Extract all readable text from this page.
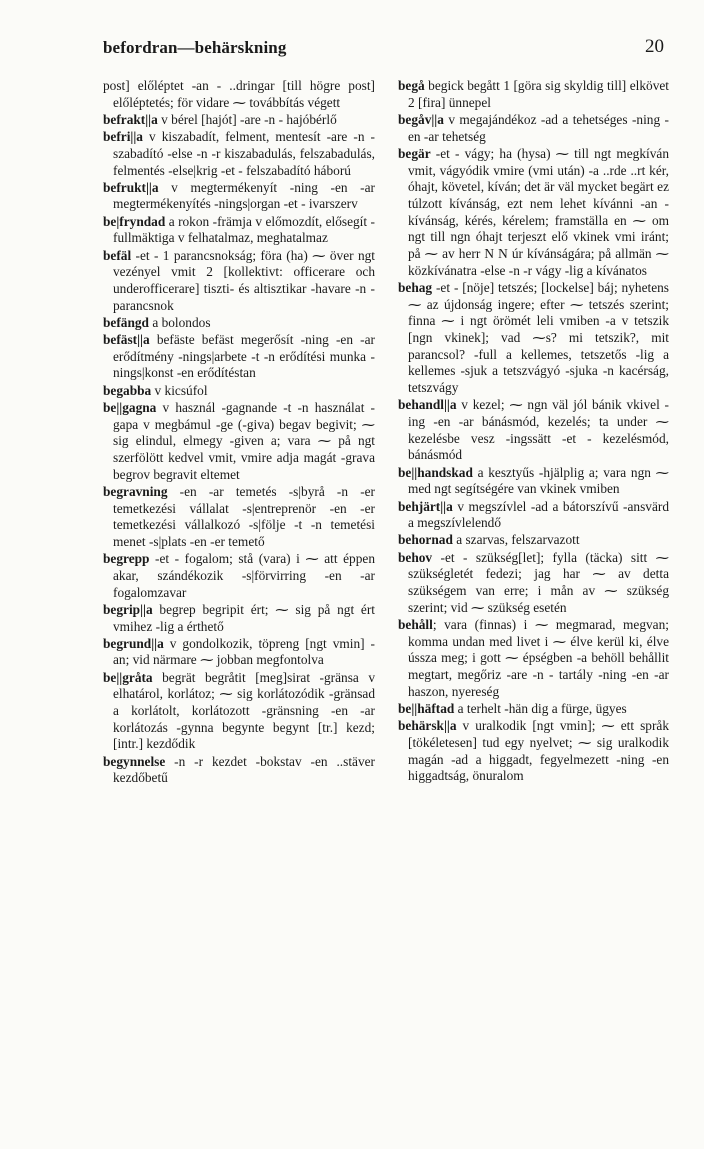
befordran—behärskning	20

post] előléptet -an - ..dringar [till högre post] előléptetés; för vidare ⁓ továbbítás végett

befrakt||a v bérel [hajót] -are -n - hajóbérlő

befri||a v kiszabadít, felment, mentesít -are -n - szabadító -else -n -r kiszabadulás, felszabadulás, felmentés -else|krig -et - felszabadító háború

befrukt||a v megtermékenyít -ning -en -ar megtermékenyítés -nings|organ -et - ivarszerv

be|fryndad a rokon -främja v előmozdít, elősegít -fullmäktiga v felhatalmaz, meghatalmaz

befäl -et - 1 parancsnokság; föra (ha) ⁓ över ngt vezényel vmit 2 [kollektivt: officerare och underofficerare] tiszti- és altisztikar -havare -n - parancsnok

befängd a bolondos

befäst||a befäste befäst megerősít -ning -en -ar erődítmény -nings|arbete -t -n erődítési munka -nings|konst -en erődítéstan

begabba v kicsúfol

be||gagna v használ -gagnande -t -n használat -gapa v megbámul -ge (-giva) begav begivit; ⁓ sig elindul, elmegy -given a; vara ⁓ på ngt szerfölött kedvel vmit, vmire adja magát -grava begrov begravit eltemet

begravning -en -ar temetés -s|byrå -n -er temetkezési vállalat -s|entreprenör -en -er temetkezési vállalkozó -s|följe -t -n temetési menet -s|plats -en -er temető

begrepp -et - fogalom; stå (vara) i ⁓ att éppen akar, szándékozik -s|förvirring -en -ar fogalomzavar

begrip||a begrep begripit ért; ⁓ sig på ngt ért vmihez -lig a érthető

begrund||a v gondolkozik, töpreng [ngt vmin] -an; vid närmare ⁓ jobban megfontolva

be||gråta begrät begråtit [meg]sirat -gränsa v elhatárol, korlátoz; ⁓ sig korlátozódik -gränsad a korlátolt, korlátozott -gränsning -en -ar korlátozás -gynna begynte begynt [tr.] kezd; [intr.] kezdődik

begynnelse -n -r kezdet -bokstav -en ..stäver kezdőbetű

begå begick begått 1 [göra sig skyldig till] elkövet 2 [fira] ünnepel

begåv||a v megajándékoz -ad a tehetséges -ning -en -ar tehetség

begär -et - vágy; ha (hysa) ⁓ till ngt megkíván vmit, vágyódik vmire (vmi után) -a ..rde ..rt kér, óhajt, követel, kíván; det är väl mycket begärt ez túlzott kívánság, ezt nem lehet kívánni -an - kívánság, kérés, kérelem; framställa en ⁓ om ngt till ngn óhajt terjeszt elő vkinek vmi iránt; på ⁓ av herr N N úr kívánságára; på allmän ⁓ közkívánatra -else -n -r vágy -lig a kívánatos

behag -et - [nöje] tetszés; [lockelse] báj; nyhetens ⁓ az újdonság ingere; efter ⁓ tetszés szerint; finna ⁓ i ngt örömét leli vmiben -a v tetszik [ngn vkinek]; vad ⁓s? mi tetszik?, mit parancsol? -full a kellemes, tetszetős -lig a kellemes -sjuk a tetszvágyó -sjuka -n kacérság, tetszvágy

behandl||a v kezel; ⁓ ngn väl jól bánik vkivel -ing -en -ar bánásmód, kezelés; ta under ⁓ kezelésbe vesz -ingssätt -et - kezelésmód, bánásmód

be||handskad a kesztyűs -hjälplig a; vara ngn ⁓ med ngt segítségére van vkinek vmiben

behjärt||a v megszívlel -ad a bátorszívű -ansvärd a megszívlelendő

behornad a szarvas, felszarvazott

behov -et - szükség[let]; fylla (täcka) sitt ⁓ szükségletét fedezi; jag har ⁓ av detta szükségem van erre; i mån av ⁓ szükség szerint; vid ⁓ szükség esetén

behåll; vara (finnas) i ⁓ megmarad, megvan; komma undan med livet i ⁓ élve kerül ki, élve ússza meg; i gott ⁓ épségben -a behöll behållit megtart, megőriz -are -n - tartály -ning -en -ar haszon, nyereség

be||häftad a terhelt -hän dig a fürge, ügyes

behärsk||a v uralkodik [ngt vmin]; ⁓ ett språk [tökéletesen] tud egy nyelvet; ⁓ sig uralkodik magán -ad a higgadt, fegyelmezett -ning -en higgadtság, önuralom
